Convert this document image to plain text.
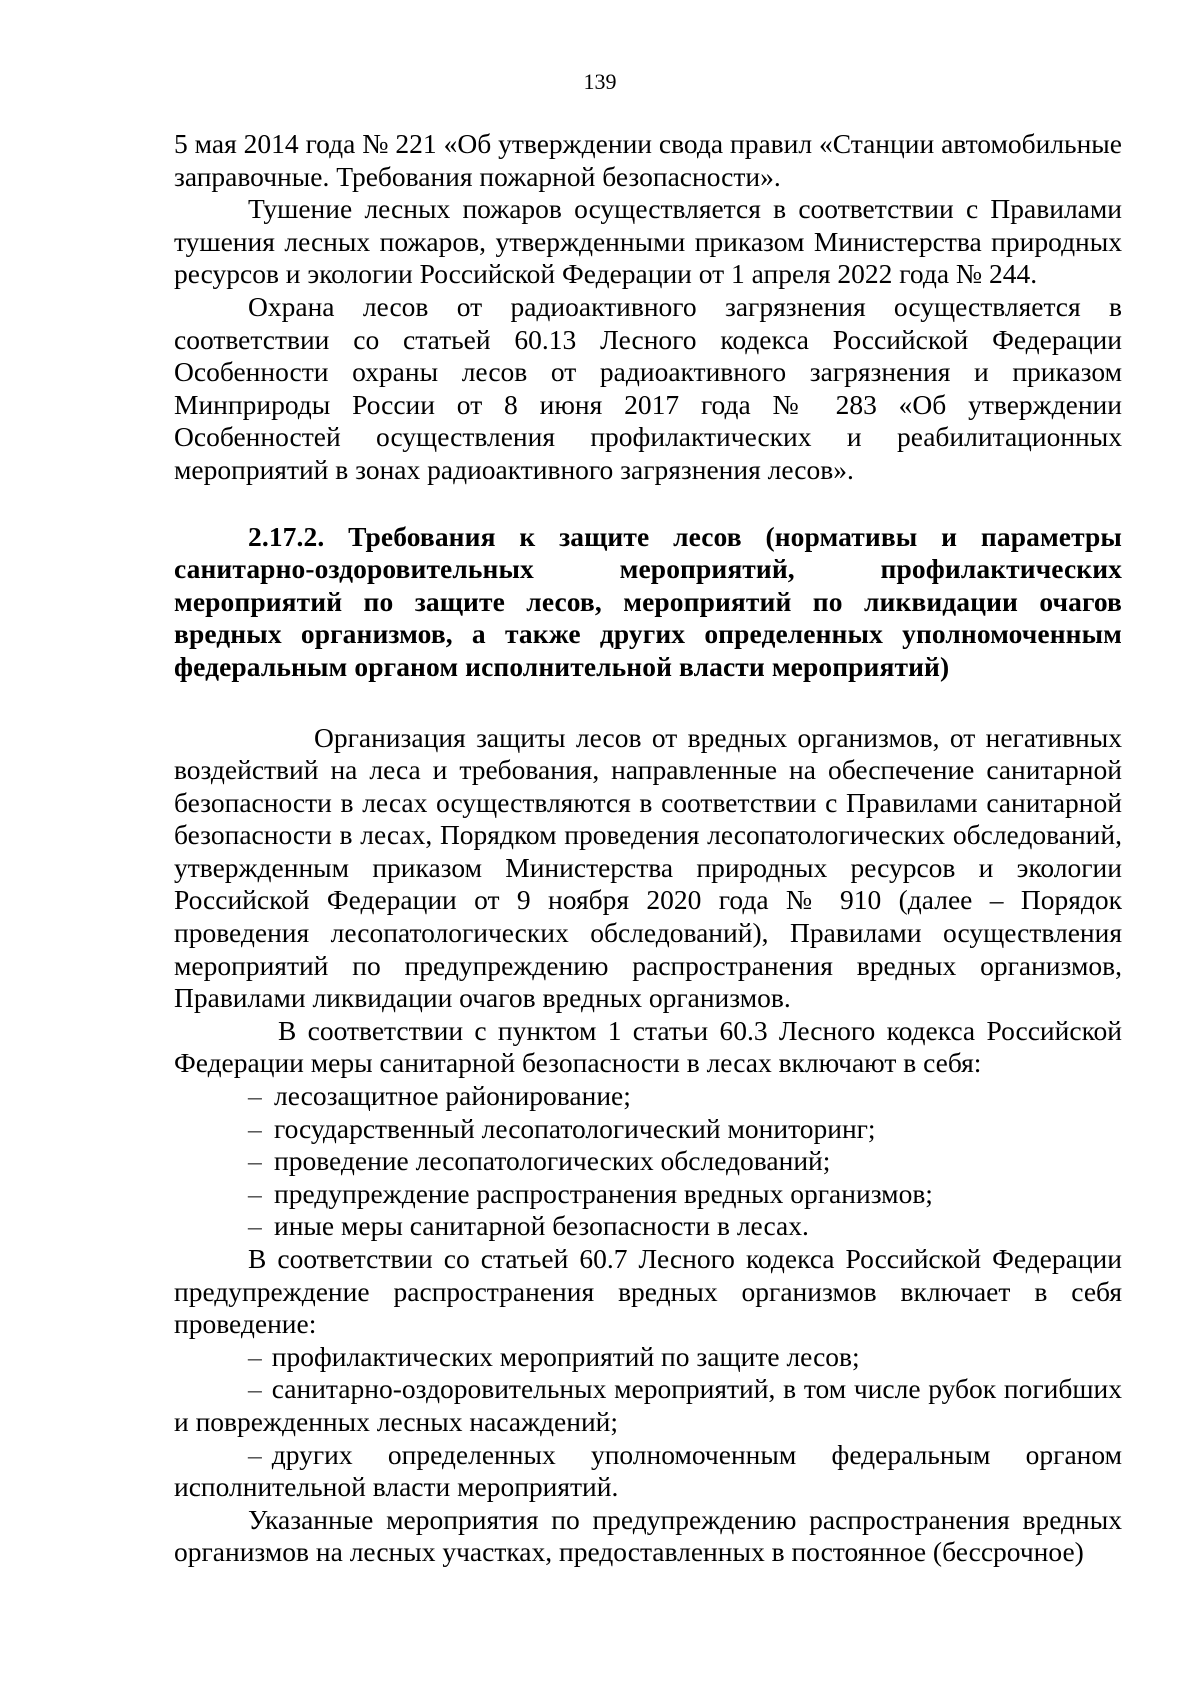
139

5 мая 2014 года № 221 «Об утверждении свода правил «Станции автомобильные заправочные. Требования пожарной безопасности».

Тушение лесных пожаров осуществляется в соответствии с Правилами тушения лесных пожаров, утвержденными приказом Министерства природных ресурсов и экологии Российской Федерации от 1 апреля 2022 года № 244.

Охрана лесов от радиоактивного загрязнения осуществляется в соответствии со статьей 60.13 Лесного кодекса Российской Федерации Особенности охраны лесов от радиоактивного загрязнения и приказом Минприроды России от 8 июня 2017 года № 283 «Об утверждении Особенностей осуществления профилактических и реабилитационных мероприятий в зонах радиоактивного загрязнения лесов».

2.17.2. Требования к защите лесов (нормативы и параметры санитарно-оздоровительных мероприятий, профилактических мероприятий по защите лесов, мероприятий по ликвидации очагов вредных организмов, а также других определенных уполномоченным федеральным органом исполнительной власти мероприятий)

Организация защиты лесов от вредных организмов, от негативных воздействий на леса и требования, направленные на обеспечение санитарной безопасности в лесах осуществляются в соответствии с Правилами санитарной безопасности в лесах, Порядком проведения лесопатологических обследований, утвержденным приказом Министерства природных ресурсов и экологии Российской Федерации от 9 ноября 2020 года № 910 (далее – Порядок проведения лесопатологических обследований), Правилами осуществления мероприятий по предупреждению распространения вредных организмов, Правилами ликвидации очагов вредных организмов.

В соответствии с пунктом 1 статьи 60.3 Лесного кодекса Российской Федерации меры санитарной безопасности в лесах включают в себя:

– лесозащитное районирование;
– государственный лесопатологический мониторинг;
– проведение лесопатологических обследований;
– предупреждение распространения вредных организмов;
– иные меры санитарной безопасности в лесах.

В соответствии со статьей 60.7 Лесного кодекса Российской Федерации предупреждение распространения вредных организмов включает в себя проведение:

– профилактических мероприятий по защите лесов;
– санитарно-оздоровительных мероприятий, в том числе рубок погибших и поврежденных лесных насаждений;
– других определенных уполномоченным федеральным органом исполнительной власти мероприятий.

Указанные мероприятия по предупреждению распространения вредных организмов на лесных участках, предоставленных в постоянное (бессрочное)
